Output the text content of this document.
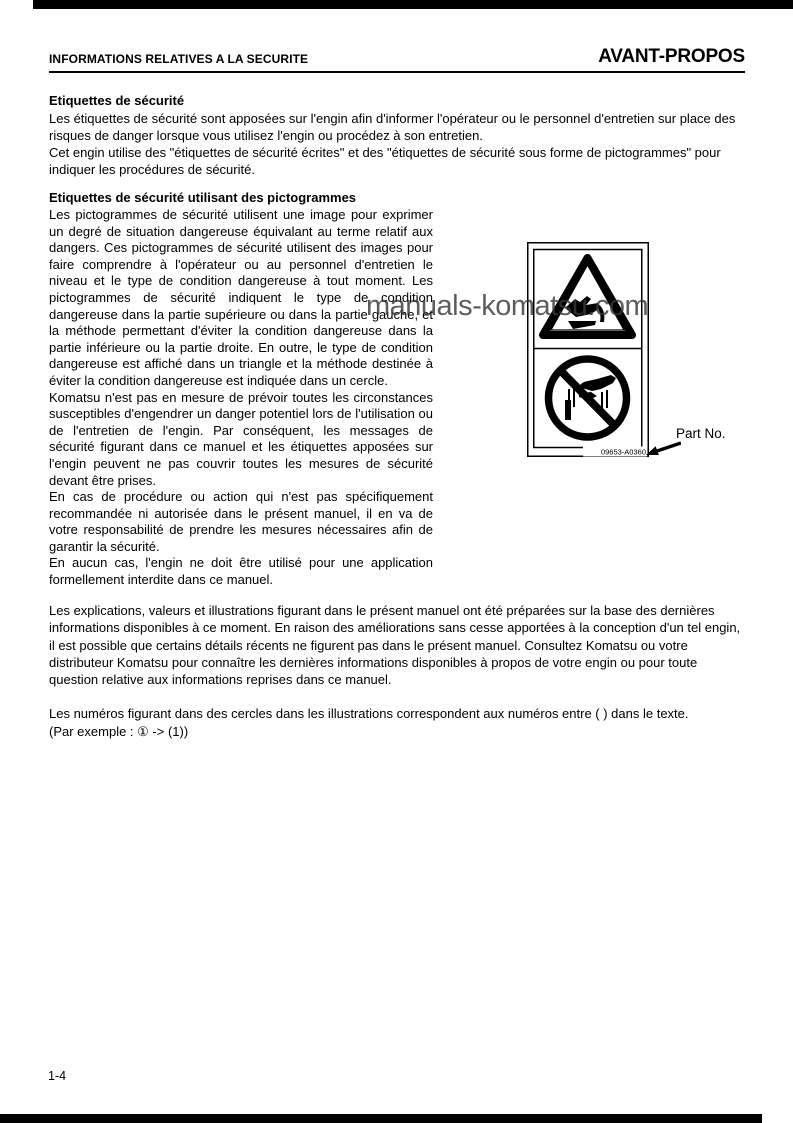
INFORMATIONS RELATIVES A LA SECURITE	AVANT-PROPOS
Etiquettes de sécurité

Les étiquettes de sécurité sont apposées sur l'engin afin d'informer l'opérateur ou le personnel d'entretien sur place des risques de danger lorsque vous utilisez l'engin ou procédez à son entretien.

Cet engin utilise des "étiquettes de sécurité écrites" et des "étiquettes de sécurité sous forme de pictogrammes" pour indiquer les procédures de sécurité.

Etiquettes de sécurité utilisant des pictogrammes

Les pictogrammes de sécurité utilisent une image pour exprimer un degré de situation dangereuse équivalant au terme relatif aux dangers. Ces pictogrammes de sécurité utilisent des images pour faire comprendre à l'opérateur ou au personnel d'entretien le niveau et le type de condition dangereuse à tout moment. Les pictogrammes de sécurité indiquent le type de condition dangereuse dans la partie supérieure ou dans la partie gauche, et la méthode permettant d'éviter la condition dangereuse dans la partie inférieure ou la partie droite. En outre, le type de condition dangereuse est affiché dans un triangle et la méthode destinée à éviter la condition dangereuse est indiquée dans un cercle.

Komatsu n'est pas en mesure de prévoir toutes les circonstances susceptibles d'engendrer un danger potentiel lors de l'utilisation ou de l'entretien de l'engin. Par conséquent, les messages de sécurité figurant dans ce manuel et les étiquettes apposées sur l'engin peuvent ne pas couvrir toutes les mesures de sécurité devant être prises.

En cas de procédure ou action qui n'est pas spécifiquement recommandée ni autorisée dans le présent manuel, il en va de votre responsabilité de prendre les mesures nécessaires afin de garantir la sécurité.

En aucun cas, l'engin ne doit être utilisé pour une application formellement interdite dans ce manuel.

09653-A0360
Part No.
manuals-komatsu.com

Les explications, valeurs et illustrations figurant dans le présent manuel ont été préparées sur la base des dernières informations disponibles à ce moment. En raison des améliorations sans cesse apportées à la conception d'un tel engin, il est possible que certains détails récents ne figurent pas dans le présent manuel. Consultez Komatsu ou votre distributeur Komatsu pour connaître les dernières informations disponibles à propos de votre engin ou pour toute question relative aux informations reprises dans ce manuel.

Les numéros figurant dans des cercles dans les illustrations correspondent aux numéros entre ( ) dans le texte.

(Par exemple : ① -> (1))

1-4
